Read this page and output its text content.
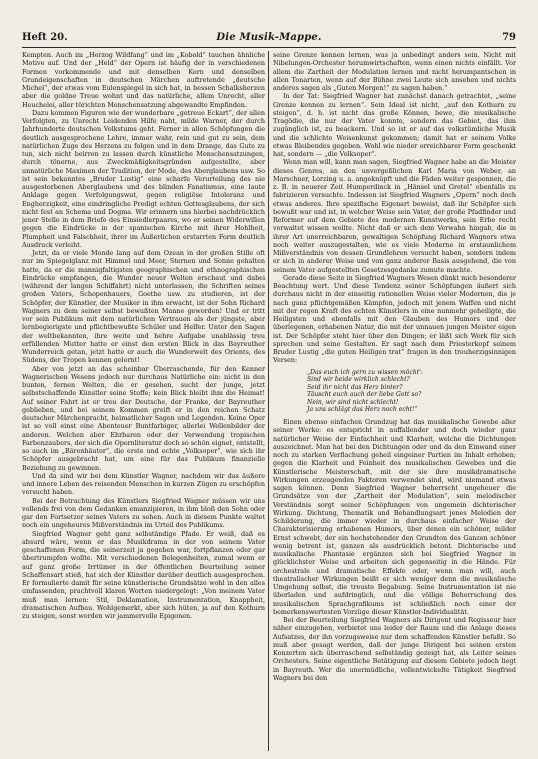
Heft 20.	Die Musik-Mappe.	79

Kempten. Auch im „Herzog Wildfang“ und im „Kobold“ tauchen ähnliche Motive auf. Und der „Held“ der Opern ist häufig der in verschiedenen Formen vorkommende und mit denselben Kern und denselben Grundeigenschaften in deutschen Märchen auftretende „deutsche Michel“, der etwas vom Eulenspiegel in sich hat, in bessen Schalksherzen aber die goldne Treue wohnt und das natürliche, allem Unrecht, aller Heuchelei, aller törichten Menschensatzung abgewandte Empfinden.

Dazu kommen Figuren wie der wunderbare „getreue Eckart“, der allen Verfolgten, zu Unrecht Leidenden Hilfe naht, milde Warner, der durch Jahrhunderte deutschen Volkstums geht. Ferner in allen Schöpfungen die deutlich ausgesprochene Lehre, immer wahr, rein und gut zu sein, dem natürlichen Zuge des Herzens zu folgen und in dem Drange, das Gute zu tun, sich nicht beirren zu lassen durch künstliche Menschensatzungen, durch tönerne, aus Zweckmäßigkeitsgründen aufgestellte, aber unnatürliche Maximen der Tradition, der Mode, des Aberglaubens usw. So ist sein bekanntes „Bruder Lustig“ eine scharfe Verurteilung des nie ausgestorbenen Aberglaubens und des blinden Fanatismus, eine laute Anklage gegen Verfolgungswut, gegen religiöse Intoleranz und Engherzigkeit, eine eindringliche Predigt echten Gottesglaubens, der sich nicht fest an Schema und Dogma. Wir erinnern uns hierbei nachdrücklich jener Stelle in dem Briefe des Einsiedlerpaares, wo er seinen Widerwillen gegen die Eindrücke in der spanischen Kirche mit ihrer Hohlheit, Plumpheit und Falschheit, ihrer im Äußerlichen erstarrten Form deutlich Ausdruck verleiht.

Jetzt, da er viele Monde lang auf dem Ozean in der großen Stille oft nur im Spiegelglanz mit Himmel und Meer, Sternen und Sonne gehalten hatte, da er die mannigfaltigsten geographischen und ethnographischen Eindrücke empfangen, die Wunder neuer Welten erschaut und dabei (während der langen Schiffahrt) nicht unterlassen, die Schriften seines großen Vaters, Schopenhauers, Goethe usw. zu studieren, ist der Schöpfer, der Künstler, der Musiker in ihm erwacht, ist der Sohn Richard Wagners zu dem seiner selbst bewußten Manne geworden! Und er tritt vor sein Publikum mit dem natürlichen Vertrauen als der jüngste, aber lernbegierigste und pflichtbewußte Schüler und Helfer. Unter den Sagen der weltbekannten, ihre weite und hehre Aufgabe unablässig treu erfüllenden Mutter hatte er einst den ersten Blick in das Bayreuther Wunderreich getan, jetzt hatte er auch die Wunderwelt des Orients, des Südens, der Tropen kennen gelernt!

Aber von jetzt an das scheinbar Überraschende, für den Kenner Wagnerischen Wesens jedoch nur durchaus Natürliche ein: nicht in den bunten, fernen Welten, die er gesehen, sucht der junge, jetzt selbstschaffende Künstler seine Stoffe; kein Blick bleibt ihm die Heimat! Auf seiner Fahrt ist er treu der Deutsche, der Franke, der Bayreuther geblieben, und bei seinem Kommen greift er in den reichen Schatz deutscher Märchenpracht, heimatlicher Sagen und Legenden. Keine Oper ist so voll einst eine Abenteuer Buntfarbiger, allerlei Wellenbilder der anderen. Welchen aber Ehrbaren oder der Verwendung tropischen Farbenzaubers, der sich die Opernliteratur doch so schön eignet, entstellt, so auch im „Bärenhäuter“, die erste und echte „Volksoper“, wie sich ihr Schöpfer ausgebracht hat, um eine für das Publikum finanzielle Beziehung zu gewinnen.

Und da sind wir bei dem Künstler Wagner, nachdem wir das äußere und innere Leben des reisenden Menschen in kurzen Zügen zu erschöpfen versucht haben.

Bei der Betrachtung des Künstlers Siegfried Wagner müssen wir uns vollends frei von dem Gedanken emanzipieren, in ihm bloß den Sohn oder gar den Fortsetzer seines Vaters zu sehen. Auch in diesem Punkte waltet noch ein ungeheures Mißverständnis im Urteil des Publikums.

Siegfried Wagner geht ganz selbständige Pfade. Er weiß, daß es absurd wäre, wenn er das Musikdrama in der von seinem Vater geschaffenen Form, die seinerzeit ja gegeben war, fortpflanzen oder gar übertrumpfen wollte. Mit verschiedenen Belegenheiten, zumal wenn er auf ganz große Irrtümer in der öffentlichen Beurteilung seiner Schaffensart stieß, hat sich der Künstler darüber deutlich ausgesprochen. Er formulierte damit für seine künstlerische Grundsätze wohl in den alles umfassenden, prachtvoll klaren Worten niedergelegt: „Von meinem Vater muß man lernen: Stil, Deklamation, Instrumentation, Knappheit, dramatischen Aufbau. Wohlgemerkt, aber sich hüten, ja auf den Kothurn zu steigen, sonst werden wir jammervolle Epigonen.

seine Grenze kennen lernen, was ja unbedingt anders sein. Nicht mit Nibelungen-Orchester herumwirtschaften, wenn einen nichts einfällt. Vor allem die Zartheit der Modulation lernen und nicht herumpantschen in allen Tonarten, wenn auf der Bühne zwei Leute sich ansehen und nichts anderes sagen als „Guten Morgen!“ zu sagen haben.“

In der Tat: Siegfried Wagner hat zunächst danach getrachtet, „seine Grenze kennen zu lernen“. Sein Ideal ist nicht, „auf den Kothurn zu steigen“, d. h. ist nicht das große Können, bewe, die musikalische Tragödie, die nur der Vater konnte, sondern das Gebiet, das ihm zugänglich ist, zu beackern. Und so ist er auf das volkstümliche Musik und die schlichte Weisenkunst gekommen; damit hat er seinem Volke etwas Bleibendes gegeben. Wohl wie nieder erreichbarer Form geschenkt hat, sondern — „die Volksoper“.

Wenn man will, kann man sagen, Siegfried Wagner habe an die Meister dieses Genres, an den unvergeßlichen Karl Maria von Weber, an Marschner, Lorzing u. a. angeknüpft und die Fäden weiter gesponnen, die z. B. in neuerer Zeit Humperdinck in „Hänsel und Gretel“ ebenfalls zu fabrizieren versuchte. Indessen ist Siegfried Wagners „Opern“ noch doch etwas anderes. Ihre spezifische Eigenart beweist, daß ihr Schöpfer sich bewußt war und ist, in welcher Weise sein Vater, der große Pfadfinder und Reformer auf dem Gebiete des modernen Kunstwerks, sein Erbe recht verwaltet wissen wollte. Nicht daß er sich dem Verwahn hingab, die in ihrer Art unerreichbaren, gewaltigen Schöpfung Richard Wagners etwa noch weiter auszugestalten, wie es viele Moderne in erstaunlichem Mißverständnis von dessen Grundlehren versucht haben, sondern indem er sich in anderer Weise und von ganz anderer Basis ausgehend, die von seinem Vater aufgestellten Gesetzesgedanke zumute machte.

Gerade diese Seite in Siegfried Wagners Wesen dünkt mich besonderer Beachtung wert. Und diese Tendenz seiner Schöpfungen äußert sich durchaus nicht in der einseitig rationellen Weise vieler Modernen, die je nach ganz pflichtgemäßen Kämpfen, jedoch mit jenem Waffen und nicht mit der regen Kraft des echten Künstlers in eine nunmehr geheiligte, die Heiligsten und ebenfalls mit den Glauben des Humors und der überlegenen, erhabenen Natur, die mit der unnauen jungen Meister eigen ist. Der Schöpfer steht hier über den Dingen; er läßt sich Werk für sich sprechen und seine Gestalten. Er sagt nach dem Priesterkopf seinem Bruder Lustig „die guten Heiligen trat“ fragen in den treuherzigsinnigen Versen:

„Das euch ich gern zu wissen möcht':
Sind wir beide wirklich schlecht?
Seid ihr nicht das Herz binter?
Täuscht euch auch der liebe Gott so?
Nein, wir sind nicht schlecht!
Ja uns schlägt das Herz noch echt!“

Einen ebenso einfachen Grundzug hat das musikalische Gewebe aller seiner Werke: es entspricht in auffallender und doch wieder ganz natürlicher Weise der Einfachheit und Klarheit, welche die Dichtungen auszeichnet. Man hat bei den Dichtungen oder und da den Einwand einer noch zu starken Verflachung geheil eingeiner Partien im Inhalt erhoben; gegen die Klarheit und Feinheit des musikalischen Gewebes und die Künstlerische Meisterschaft, mit der sie ihre musikdramatische Wirkungen erzeugenden Faktoren verwendet sind, wird niemand etwas sagen können. Denn Siegfried Wagner beherrscht ungeheuer die Grundsätze von der „Zartheit der Modulation“, sein melodischer Verständnis sorgt seiner Schöpfungen von ungemein dichterischer Wirkung. Dichtung, Thematik und Behandlungsart jenes Melodien der Schilderung, die immer wieder in durchaus einfacher Weise der Charakterisierung erhabenen Humors, über denen ein schöner, milder Ernst schwebt, der ein hochstehender den Grundton des Ganzen schöner wenig betrent ist, ganzen als ausdrücklich betont. Dichterische und musikalische Phantasie ergänzen sich bei Siegfried Wagner in glücklichster Weise und arbeiten sich gegenseitig in die Hände. Für orchestrale und dramatische Effekte oder, wenn man will, auch theatralischer Wirkungen beißt er sich weniger denn die musikalische Umgebung selbst, die treuste Begabung. Seine Instrumentation ist nie überladen und aufdringlich, und die völlige Beherrschung des musikalischen Sprachgrafikums ist schließlich noch einer der bemerkenswertesten Vorzüge dieser Künstler-Individualität.

Bei der Beurteilung Siegfried Wagners als Dirigent und Regisseur hier näher einzugehen, verbietet uns leider der Raum und die Anlage dieses Aufsatzes, der ihn vorzugsweise nur dem schaffenden Künstler befaßt. So muß aber gesagt werden, daß der junge Dirigent bei seinen ersten Konzerten sich überraschend selbständig gezeigt hat, als Leiter seines Orchesters. Seine eigentliche Betätigung auf diesem Gebiete jedoch liegt in Bayreuth. Wer die unermüdliche, vollentwickelte Tätigkeit Siegfried Wagners bei den
